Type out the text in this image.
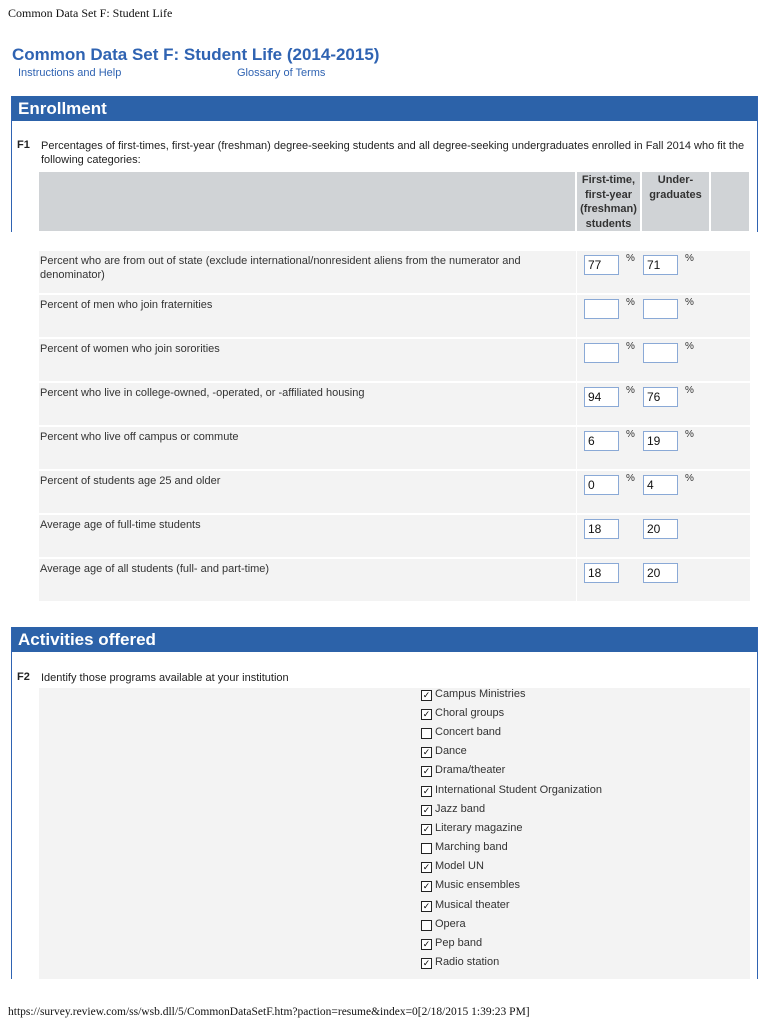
Common Data Set F: Student Life
Common Data Set F: Student Life (2014-2015)
Instructions and Help	Glossary of Terms
Enrollment
F1 Percentages of first-times, first-year (freshman) degree-seeking students and all degree-seeking undergraduates enrolled in Fall 2014 who fit the following categories:
First-time,
first-year
(freshman)
students
Under-
graduates
Percent who are from out of state (exclude international/nonresident aliens from the numerator and denominator)
77	%	71	%
Percent of men who join fraternities	%	%
Percent of women who join sororities	%	%
Percent who live in college-owned, -operated, or -affiliated housing	94	%	76	%
Percent who live off campus or commute	6	%	19	%
Percent of students age 25 and older	0	%	4	%
Average age of full-time students	18	20
Average age of all students (full- and part-time)	18	20
Activities offered
F2 Identify those programs available at your institution
✓ Campus Ministries
✓ Choral groups
Concert band
✓ Dance
✓ Drama/theater
✓ International Student Organization
✓ Jazz band
✓ Literary magazine
Marching band
✓ Model UN
✓ Music ensembles
✓ Musical theater
Opera
✓ Pep band
✓ Radio station
https://survey.review.com/ss/wsb.dll/5/CommonDataSetF.htm?paction=resume&index=0[2/18/2015 1:39:23 PM]
